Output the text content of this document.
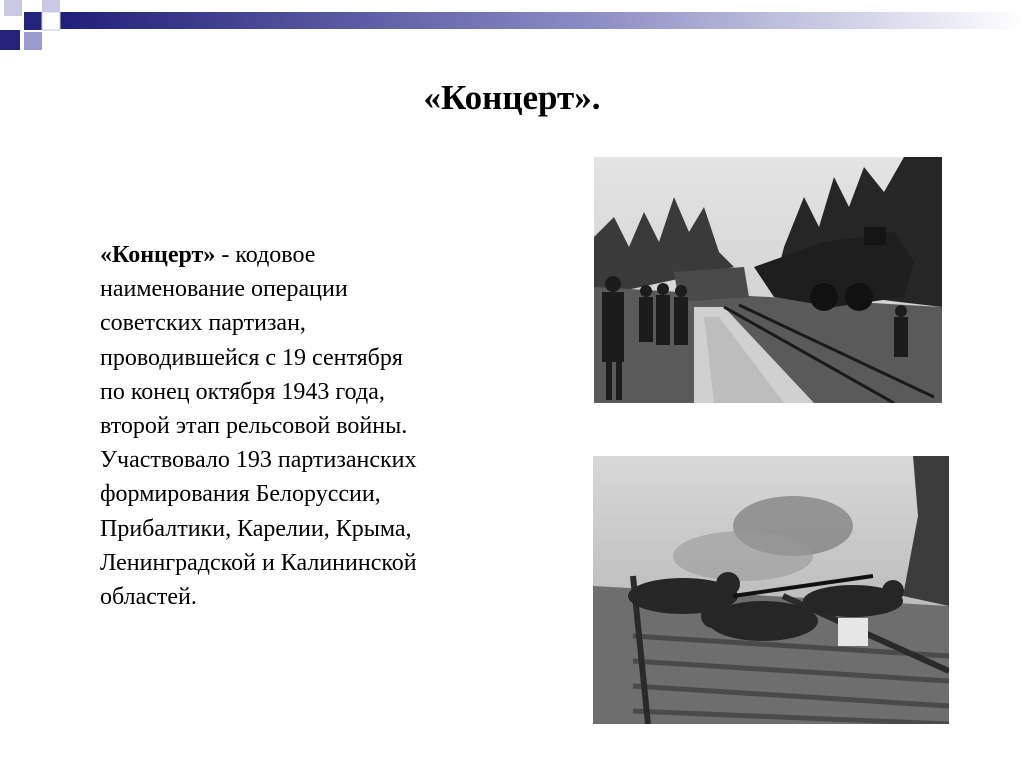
«Концерт».
«Концерт» - кодовое
наименование операции
советских партизан,
проводившейся с 19 сентября
по конец октября 1943 года,
второй этап рельсовой войны.
Участвовало 193 партизанских
формирования Белоруссии,
Прибалтики, Карелии, Крыма,
Ленинградской и Калининской
областей.
